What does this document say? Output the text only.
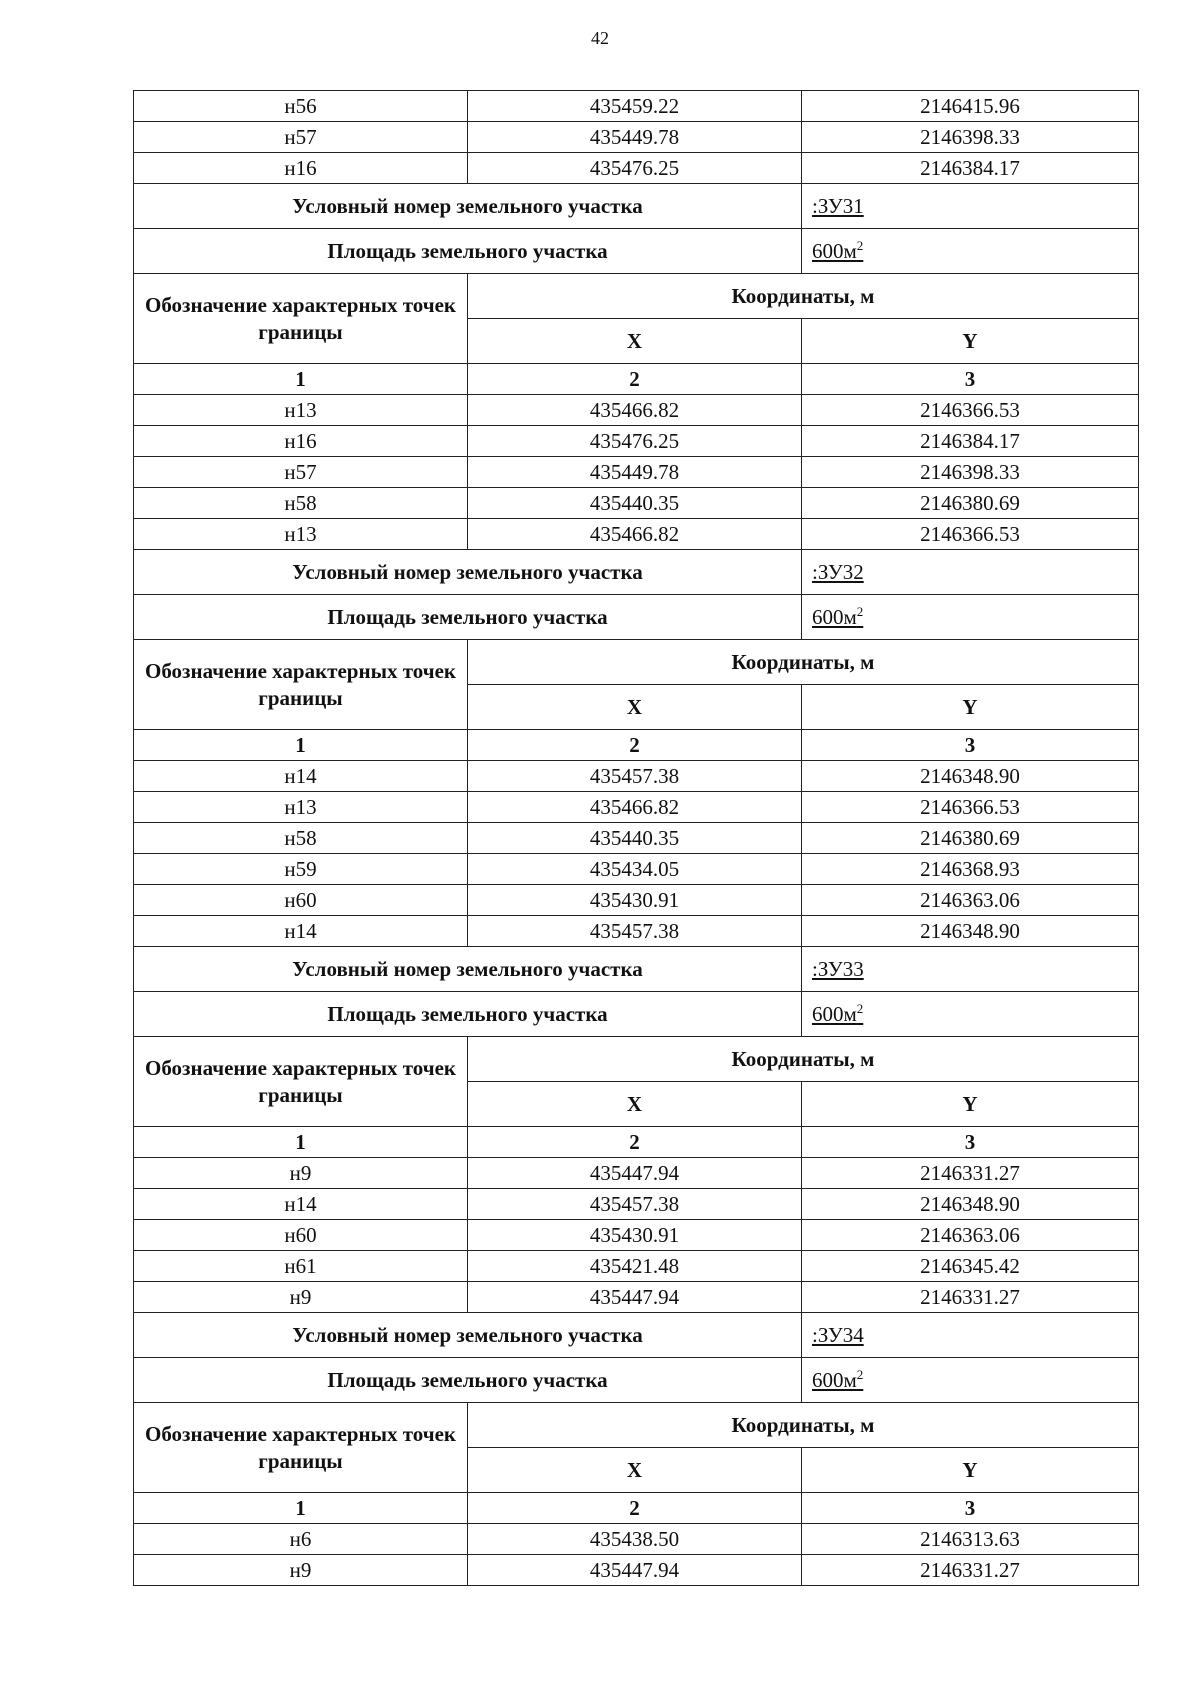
42
н56	435459.22	2146415.96
н57	435449.78	2146398.33
н16	435476.25	2146384.17
Условный номер земельного участка		:ЗУ31
Площадь земельного участка		$600м^2$
Обозначение характерных точек границы	Координаты, м	
	X	Y
1	2	3
н13	435466.82	2146366.53
н16	435476.25	2146384.17
н57	435449.78	2146398.33
н58	435440.35	2146380.69
н13	435466.82	2146366.53
Условный номер земельного участка		:ЗУ32
Площадь земельного участка		$600м^2$
Обозначение характерных точек границы	Координаты, м	
	X	Y
1	2	3
н14	435457.38	2146348.90
н13	435466.82	2146366.53
н58	435440.35	2146380.69
н59	435434.05	2146368.93
н60	435430.91	2146363.06
н14	435457.38	2146348.90
Условный номер земельного участка		:ЗУ33
Площадь земельного участка		$600м^2$
Обозначение характерных точек границы	Координаты, м	
	X	Y
1	2	3
н9	435447.94	2146331.27
н14	435457.38	2146348.90
н60	435430.91	2146363.06
н61	435421.48	2146345.42
н9	435447.94	2146331.27
Условный номер земельного участка		:ЗУ34
Площадь земельного участка		$600м^2$
Обозначение характерных точек границы	Координаты, м	
	X	Y
1	2	3
н6	435438.50	2146313.63
н9	435447.94	2146331.27
